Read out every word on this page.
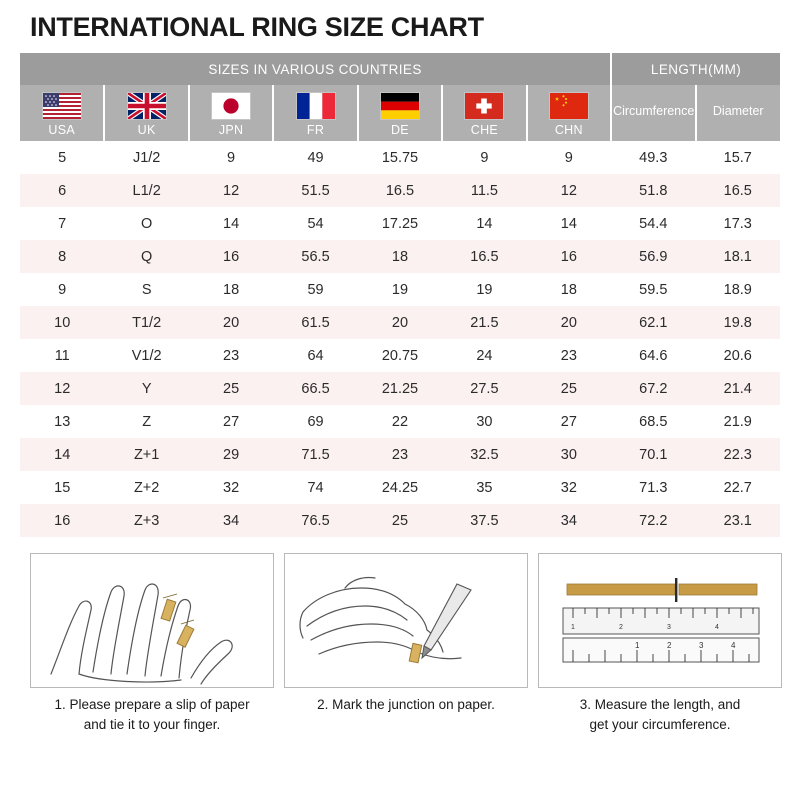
INTERNATIONAL RING SIZE CHART
SIZES IN VARIOUS COUNTRIES							LENGTH(MM)	

USA	UK	JPN	FR	DE	CHE	CHN	Circumference	Diameter
5	J1/2	9	49	15.75	9	9	49.3	15.7
6	L1/2	12	51.5	16.5	11.5	12	51.8	16.5
7	O	14	54	17.25	14	14	54.4	17.3
8	Q	16	56.5	18	16.5	16	56.9	18.1
9	S	18	59	19	19	18	59.5	18.9
10	T1/2	20	61.5	20	21.5	20	62.1	19.8
11	V1/2	23	64	20.75	24	23	64.6	20.6
12	Y	25	66.5	21.25	27.5	25	67.2	21.4
13	Z	27	69	22	30	27	68.5	21.9
14	Z+1	29	71.5	23	32.5	30	70.1	22.3
15	Z+2	32	74	24.25	35	32	71.3	22.7
16	Z+3	34	76.5	25	37.5	34	72.2	23.1
1. Please prepare a slip of paper
and tie it to your finger.
2. Mark the junction on paper.
1	2	3	4
1	2	3	4
3. Measure the length, and
get your circumference.
